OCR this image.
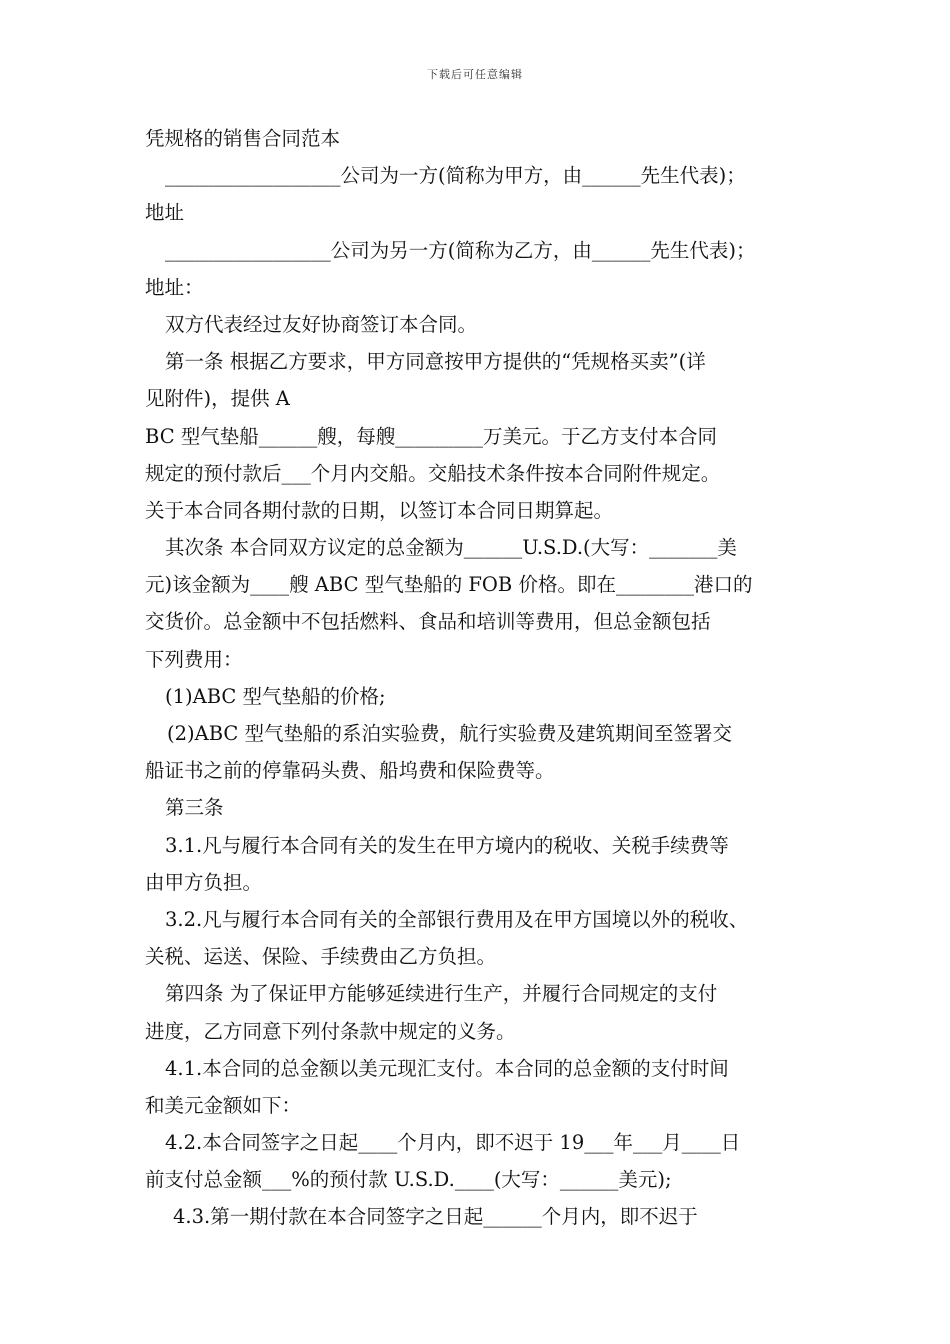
下载后可任意编辑
凭规格的销售合同范本
__________________公司为一方(简称为甲方，由______先生代表)；
地址
_________________公司为另一方(简称为乙方，由______先生代表)；
地址：
双方代表经过友好协商签订本合同。
第一条 根据乙方要求，甲方同意按甲方提供的“凭规格买卖”(详
见附件)，提供 A
BC 型气垫船______艘，每艘_________万美元。于乙方支付本合同
规定的预付款后___个月内交船。交船技术条件按本合同附件规定。
关于本合同各期付款的日期，以签订本合同日期算起。
其次条 本合同双方议定的总金额为______U.S.D.(大写：_______美
元)该金额为____艘 ABC 型气垫船的 FOB 价格。即在________港口的
交货价。总金额中不包括燃料、食品和培训等费用，但总金额包括
下列费用：
(1)ABC 型气垫船的价格;
(2)ABC 型气垫船的系泊实验费，航行实验费及建筑期间至签署交
船证书之前的停靠码头费、船坞费和保险费等。
第三条
3.1.凡与履行本合同有关的发生在甲方境内的税收、关税手续费等
由甲方负担。
3.2.凡与履行本合同有关的全部银行费用及在甲方国境以外的税收、
关税、运送、保险、手续费由乙方负担。
第四条 为了保证甲方能够延续进行生产，并履行合同规定的支付
进度，乙方同意下列付条款中规定的义务。
4.1.本合同的总金额以美元现汇支付。本合同的总金额的支付时间
和美元金额如下：
4.2.本合同签字之日起____个月内，即不迟于 19___年___月____日
前支付总金额___%的预付款 U.S.D.____(大写：______美元);
4.3.第一期付款在本合同签字之日起______个月内，即不迟于
